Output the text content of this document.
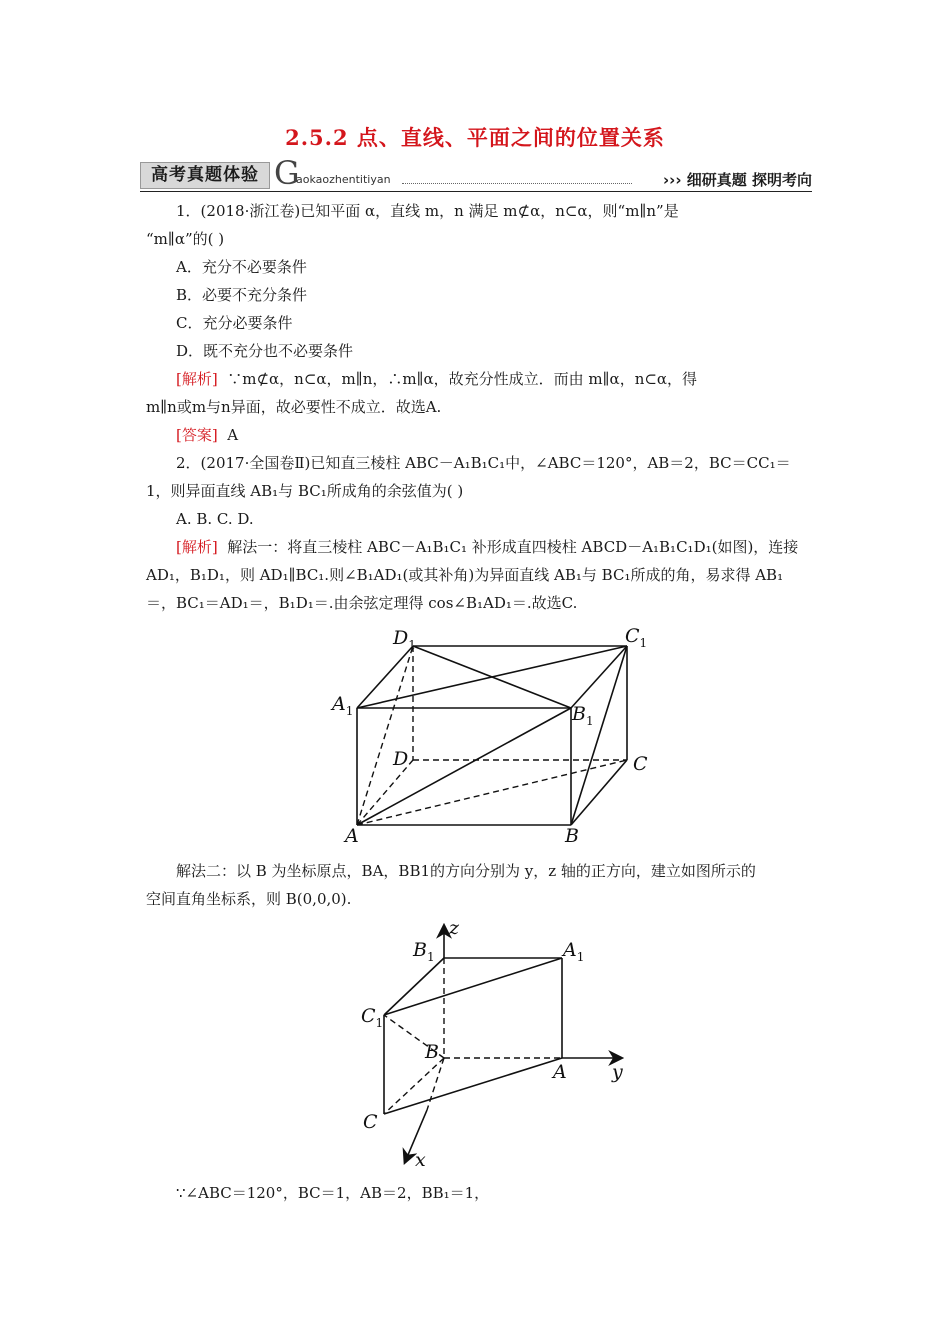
2.5.2 点、直线、平面之间的位置关系
高考真题体验 G
aokaozhentitiyan	››› 细研真题 探明考向
1．(2018·浙江卷)已知平面 α，直线 m，n 满足 m⊄α，n⊂α，则“m∥n”是
“m∥α”的( )
A．充分不必要条件
B．必要不充分条件
C．充分必要条件
D．既不充分也不必要条件
[解析] ∵m⊄α，n⊂α，m∥n，∴m∥α，故充分性成立．而由 m∥α，n⊂α，得
m∥n或m与n异面，故必要性不成立．故选A.
[答案] A
2．(2017·全国卷Ⅱ)已知直三棱柱 ABC－A₁B₁C₁中，∠ABC＝120°，AB＝2，BC＝CC₁＝
1，则异面直线 AB₁与 BC₁所成角的余弦值为( )
A. B. C. D.
[解析] 解法一：将直三棱柱 ABC－A₁B₁C₁ 补形成直四棱柱 ABCD－A₁B₁C₁D₁(如图)，连接
AD₁，B₁D₁，则 AD₁∥BC₁.则∠B₁AD₁(或其补角)为异面直线 AB₁与 BC₁所成的角，易求得 AB₁
＝，BC₁＝AD₁＝，B₁D₁＝.由余弦定理得 cos∠B₁AD₁＝.故选C.
$D_1$	$C_1$
$A_1$	$B_1$
D	C
A	B
解法二：以 B 为坐标原点，BA，BB1的方向分别为 y，z 轴的正方向，建立如图所示的
空间直角坐标系，则 B(0,0,0).
z
$B_1$	$A_1$
$C_1$
B
A y
C
x
∵∠ABC＝120°，BC＝1，AB＝2，BB₁＝1，
